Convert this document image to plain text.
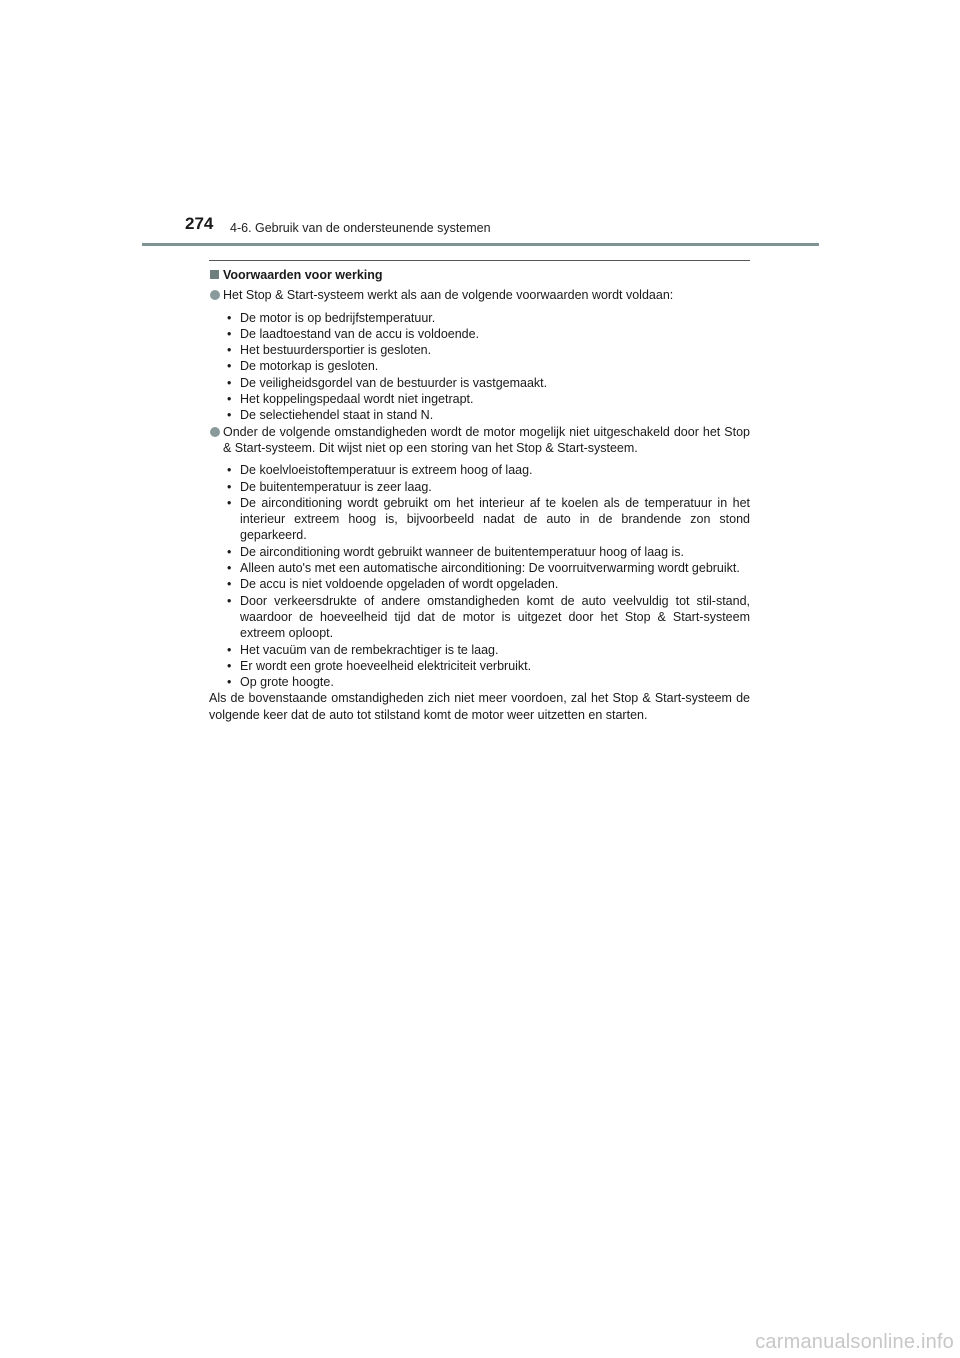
274 4-6. Gebruik van de ondersteunende systemen
Voorwaarden voor werking
Het Stop & Start-systeem werkt als aan de volgende voorwaarden wordt voldaan:
• De motor is op bedrijfstemperatuur.
• De laadtoestand van de accu is voldoende.
• Het bestuurdersportier is gesloten.
• De motorkap is gesloten.
• De veiligheidsgordel van de bestuurder is vastgemaakt.
• Het koppelingspedaal wordt niet ingetrapt.
• De selectiehendel staat in stand N.
Onder de volgende omstandigheden wordt de motor mogelijk niet uitgeschakeld door het Stop & Start-systeem. Dit wijst niet op een storing van het Stop & Start-systeem.
• De koelvloeistoftemperatuur is extreem hoog of laag.
• De buitentemperatuur is zeer laag.
• De airconditioning wordt gebruikt om het interieur af te koelen als de temperatuur in het interieur extreem hoog is, bijvoorbeeld nadat de auto in de brandende zon stond geparkeerd.
• De airconditioning wordt gebruikt wanneer de buitentemperatuur hoog of laag is.
• Alleen auto's met een automatische airconditioning: De voorruitverwarming wordt gebruikt.
• De accu is niet voldoende opgeladen of wordt opgeladen.
• Door verkeersdrukte of andere omstandigheden komt de auto veelvuldig tot stil-stand, waardoor de hoeveelheid tijd dat de motor is uitgezet door het Stop & Start-systeem extreem oploopt.
• Het vacuüm van de rembekrachtiger is te laag.
• Er wordt een grote hoeveelheid elektriciteit verbruikt.
• Op grote hoogte.
Als de bovenstaande omstandigheden zich niet meer voordoen, zal het Stop & Start-systeem de volgende keer dat de auto tot stilstand komt de motor weer uitzetten en starten.
carmanualsonline.info
